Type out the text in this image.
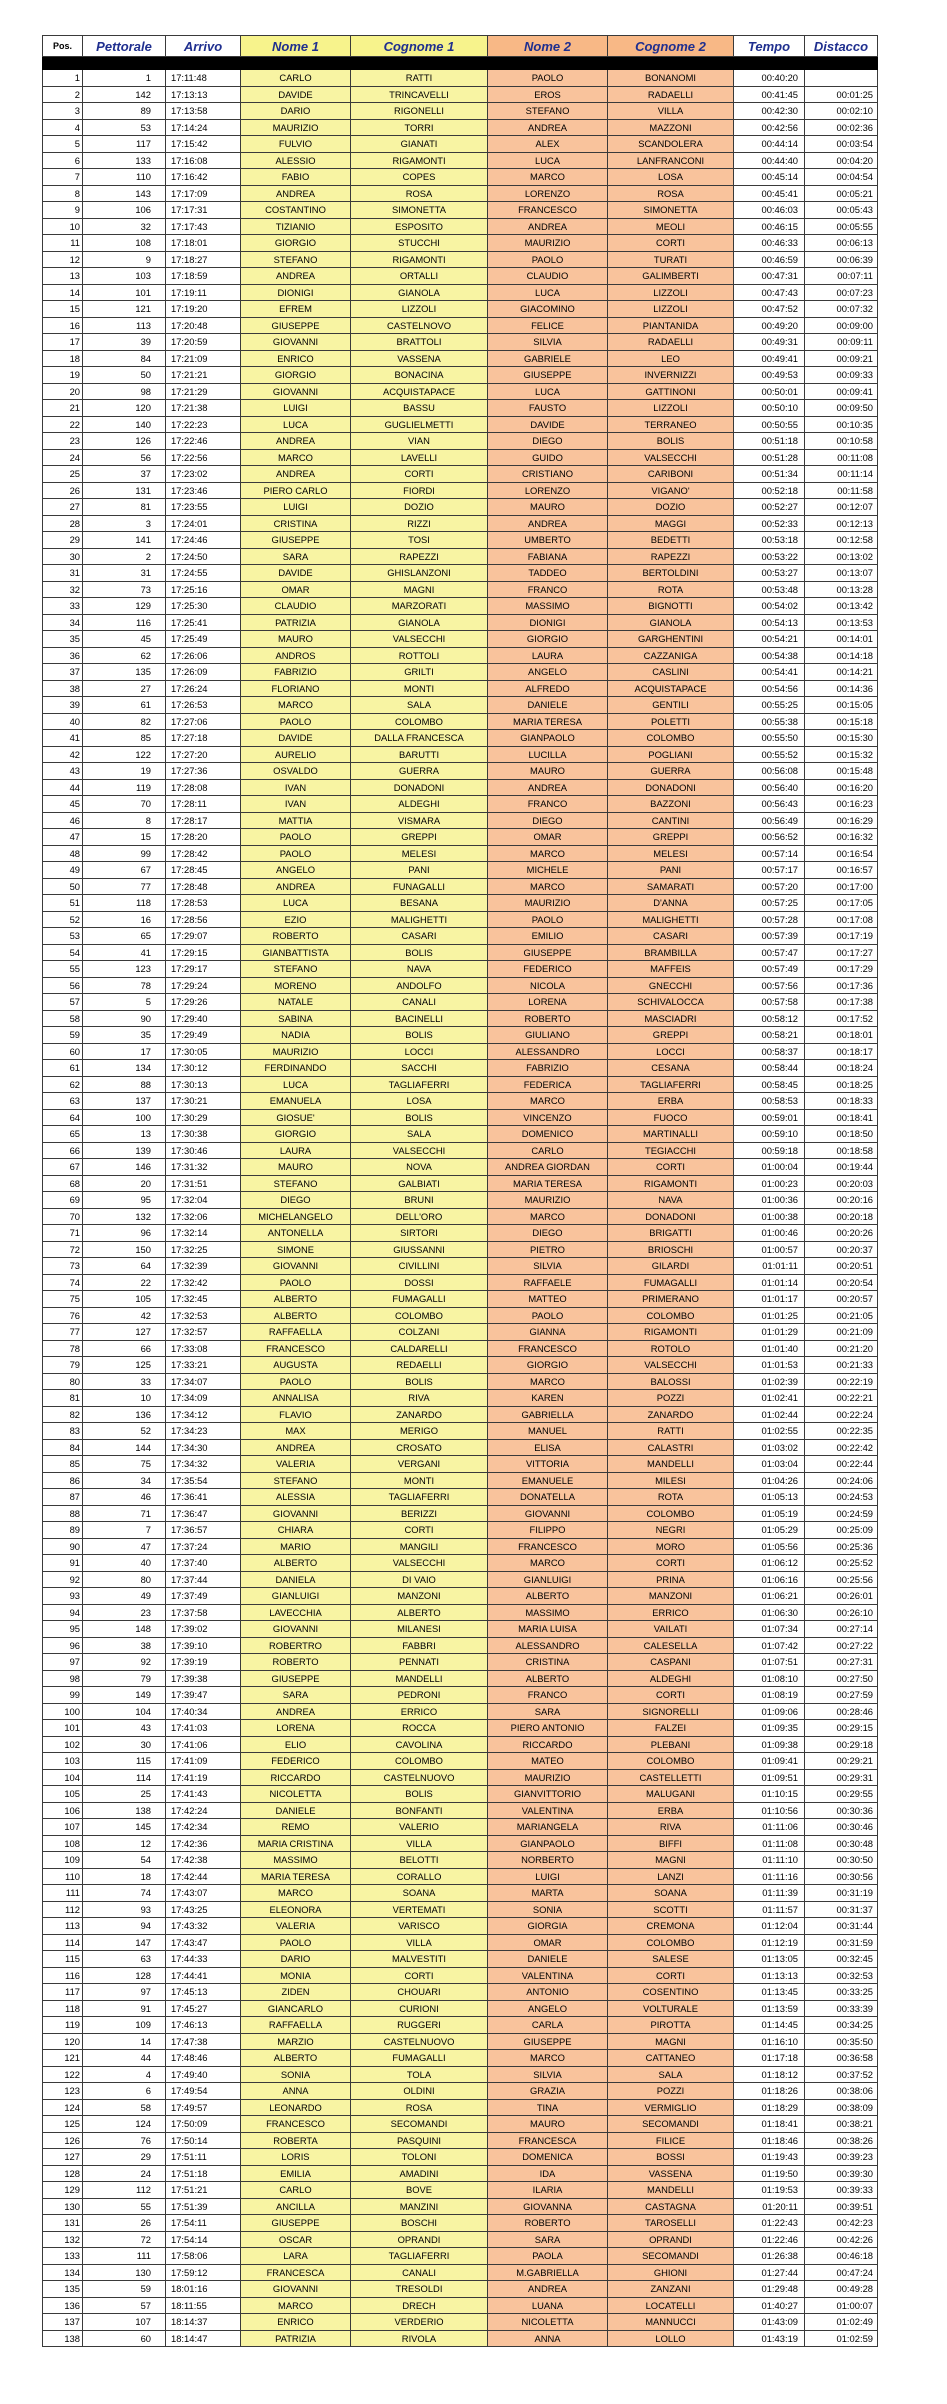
Pos.	Pettorale	Arrivo	Nome 1	Cognome 1	Nome 2	Cognome 2	Tempo	Distacco

1	1	17:11:48	CARLO	RATTI	PAOLO	BONANOMI	00:40:20	
2	142	17:13:13	DAVIDE	TRINCAVELLI	EROS	RADAELLI	00:41:45	00:01:25
3	89	17:13:58	DARIO	RIGONELLI	STEFANO	VILLA	00:42:30	00:02:10
4	53	17:14:24	MAURIZIO	TORRI	ANDREA	MAZZONI	00:42:56	00:02:36
5	117	17:15:42	FULVIO	GIANATI	ALEX	SCANDOLERA	00:44:14	00:03:54
6	133	17:16:08	ALESSIO	RIGAMONTI	LUCA	LANFRANCONI	00:44:40	00:04:20
7	110	17:16:42	FABIO	COPES	MARCO	LOSA	00:45:14	00:04:54
8	143	17:17:09	ANDREA	ROSA	LORENZO	ROSA	00:45:41	00:05:21
9	106	17:17:31	COSTANTINO	SIMONETTA	FRANCESCO	SIMONETTA	00:46:03	00:05:43
10	32	17:17:43	TIZIANIO	ESPOSITO	ANDREA	MEOLI	00:46:15	00:05:55
11	108	17:18:01	GIORGIO	STUCCHI	MAURIZIO	CORTI	00:46:33	00:06:13
12	9	17:18:27	STEFANO	RIGAMONTI	PAOLO	TURATI	00:46:59	00:06:39
13	103	17:18:59	ANDREA	ORTALLI	CLAUDIO	GALIMBERTI	00:47:31	00:07:11
14	101	17:19:11	DIONIGI	GIANOLA	LUCA	LIZZOLI	00:47:43	00:07:23
15	121	17:19:20	EFREM	LIZZOLI	GIACOMINO	LIZZOLI	00:47:52	00:07:32
16	113	17:20:48	GIUSEPPE	CASTELNOVO	FELICE	PIANTANIDA	00:49:20	00:09:00
17	39	17:20:59	GIOVANNI	BRATTOLI	SILVIA	RADAELLI	00:49:31	00:09:11
18	84	17:21:09	ENRICO	VASSENA	GABRIELE	LEO	00:49:41	00:09:21
19	50	17:21:21	GIORGIO	BONACINA	GIUSEPPE	INVERNIZZI	00:49:53	00:09:33
20	98	17:21:29	GIOVANNI	ACQUISTAPACE	LUCA	GATTINONI	00:50:01	00:09:41
21	120	17:21:38	LUIGI	BASSU	FAUSTO	LIZZOLI	00:50:10	00:09:50
22	140	17:22:23	LUCA	GUGLIELMETTI	DAVIDE	TERRANEO	00:50:55	00:10:35
23	126	17:22:46	ANDREA	VIAN	DIEGO	BOLIS	00:51:18	00:10:58
24	56	17:22:56	MARCO	LAVELLI	GUIDO	VALSECCHI	00:51:28	00:11:08
25	37	17:23:02	ANDREA	CORTI	CRISTIANO	CARIBONI	00:51:34	00:11:14
26	131	17:23:46	PIERO CARLO	FIORDI	LORENZO	VIGANO'	00:52:18	00:11:58
27	81	17:23:55	LUIGI	DOZIO	MAURO	DOZIO	00:52:27	00:12:07
28	3	17:24:01	CRISTINA	RIZZI	ANDREA	MAGGI	00:52:33	00:12:13
29	141	17:24:46	GIUSEPPE	TOSI	UMBERTO	BEDETTI	00:53:18	00:12:58
30	2	17:24:50	SARA	RAPEZZI	FABIANA	RAPEZZI	00:53:22	00:13:02
31	31	17:24:55	DAVIDE	GHISLANZONI	TADDEO	BERTOLDINI	00:53:27	00:13:07
32	73	17:25:16	OMAR	MAGNI	FRANCO	ROTA	00:53:48	00:13:28
33	129	17:25:30	CLAUDIO	MARZORATI	MASSIMO	BIGNOTTI	00:54:02	00:13:42
34	116	17:25:41	PATRIZIA	GIANOLA	DIONIGI	GIANOLA	00:54:13	00:13:53
35	45	17:25:49	MAURO	VALSECCHI	GIORGIO	GARGHENTINI	00:54:21	00:14:01
36	62	17:26:06	ANDROS	ROTTOLI	LAURA	CAZZANIGA	00:54:38	00:14:18
37	135	17:26:09	FABRIZIO	GRILTI	ANGELO	CASLINI	00:54:41	00:14:21
38	27	17:26:24	FLORIANO	MONTI	ALFREDO	ACQUISTAPACE	00:54:56	00:14:36
39	61	17:26:53	MARCO	SALA	DANIELE	GENTILI	00:55:25	00:15:05
40	82	17:27:06	PAOLO	COLOMBO	MARIA TERESA	POLETTI	00:55:38	00:15:18
41	85	17:27:18	DAVIDE	DALLA FRANCESCA	GIANPAOLO	COLOMBO	00:55:50	00:15:30
42	122	17:27:20	AURELIO	BARUTTI	LUCILLA	POGLIANI	00:55:52	00:15:32
43	19	17:27:36	OSVALDO	GUERRA	MAURO	GUERRA	00:56:08	00:15:48
44	119	17:28:08	IVAN	DONADONI	ANDREA	DONADONI	00:56:40	00:16:20
45	70	17:28:11	IVAN	ALDEGHI	FRANCO	BAZZONI	00:56:43	00:16:23
46	8	17:28:17	MATTIA	VISMARA	DIEGO	CANTINI	00:56:49	00:16:29
47	15	17:28:20	PAOLO	GREPPI	OMAR	GREPPI	00:56:52	00:16:32
48	99	17:28:42	PAOLO	MELESI	MARCO	MELESI	00:57:14	00:16:54
49	67	17:28:45	ANGELO	PANI	MICHELE	PANI	00:57:17	00:16:57
50	77	17:28:48	ANDREA	FUNAGALLI	MARCO	SAMARATI	00:57:20	00:17:00
51	118	17:28:53	LUCA	BESANA	MAURIZIO	D'ANNA	00:57:25	00:17:05
52	16	17:28:56	EZIO	MALIGHETTI	PAOLO	MALIGHETTI	00:57:28	00:17:08
53	65	17:29:07	ROBERTO	CASARI	EMILIO	CASARI	00:57:39	00:17:19
54	41	17:29:15	GIANBATTISTA	BOLIS	GIUSEPPE	BRAMBILLA	00:57:47	00:17:27
55	123	17:29:17	STEFANO	NAVA	FEDERICO	MAFFEIS	00:57:49	00:17:29
56	78	17:29:24	MORENO	ANDOLFO	NICOLA	GNECCHI	00:57:56	00:17:36
57	5	17:29:26	NATALE	CANALI	LORENA	SCHIVALOCCA	00:57:58	00:17:38
58	90	17:29:40	SABINA	BACINELLI	ROBERTO	MASCIADRI	00:58:12	00:17:52
59	35	17:29:49	NADIA	BOLIS	GIULIANO	GREPPI	00:58:21	00:18:01
60	17	17:30:05	MAURIZIO	LOCCI	ALESSANDRO	LOCCI	00:58:37	00:18:17
61	134	17:30:12	FERDINANDO	SACCHI	FABRIZIO	CESANA	00:58:44	00:18:24
62	88	17:30:13	LUCA	TAGLIAFERRI	FEDERICA	TAGLIAFERRI	00:58:45	00:18:25
63	137	17:30:21	EMANUELA	LOSA	MARCO	ERBA	00:58:53	00:18:33
64	100	17:30:29	GIOSUE'	BOLIS	VINCENZO	FUOCO	00:59:01	00:18:41
65	13	17:30:38	GIORGIO	SALA	DOMENICO	MARTINALLI	00:59:10	00:18:50
66	139	17:30:46	LAURA	VALSECCHI	CARLO	TEGIACCHI	00:59:18	00:18:58
67	146	17:31:32	MAURO	NOVA	ANDREA GIORDAN	CORTI	01:00:04	00:19:44
68	20	17:31:51	STEFANO	GALBIATI	MARIA TERESA	RIGAMONTI	01:00:23	00:20:03
69	95	17:32:04	DIEGO	BRUNI	MAURIZIO	NAVA	01:00:36	00:20:16
70	132	17:32:06	MICHELANGELO	DELL'ORO	MARCO	DONADONI	01:00:38	00:20:18
71	96	17:32:14	ANTONELLA	SIRTORI	DIEGO	BRIGATTI	01:00:46	00:20:26
72	150	17:32:25	SIMONE	GIUSSANNI	PIETRO	BRIOSCHI	01:00:57	00:20:37
73	64	17:32:39	GIOVANNI	CIVILLINI	SILVIA	GILARDI	01:01:11	00:20:51
74	22	17:32:42	PAOLO	DOSSI	RAFFAELE	FUMAGALLI	01:01:14	00:20:54
75	105	17:32:45	ALBERTO	FUMAGALLI	MATTEO	PRIMERANO	01:01:17	00:20:57
76	42	17:32:53	ALBERTO	COLOMBO	PAOLO	COLOMBO	01:01:25	00:21:05
77	127	17:32:57	RAFFAELLA	COLZANI	GIANNA	RIGAMONTI	01:01:29	00:21:09
78	66	17:33:08	FRANCESCO	CALDARELLI	FRANCESCO	ROTOLO	01:01:40	00:21:20
79	125	17:33:21	AUGUSTA	REDAELLI	GIORGIO	VALSECCHI	01:01:53	00:21:33
80	33	17:34:07	PAOLO	BOLIS	MARCO	BALOSSI	01:02:39	00:22:19
81	10	17:34:09	ANNALISA	RIVA	KAREN	POZZI	01:02:41	00:22:21
82	136	17:34:12	FLAVIO	ZANARDO	GABRIELLA	ZANARDO	01:02:44	00:22:24
83	52	17:34:23	MAX	MERIGO	MANUEL	RATTI	01:02:55	00:22:35
84	144	17:34:30	ANDREA	CROSATO	ELISA	CALASTRI	01:03:02	00:22:42
85	75	17:34:32	VALERIA	VERGANI	VITTORIA	MANDELLI	01:03:04	00:22:44
86	34	17:35:54	STEFANO	MONTI	EMANUELE	MILESI	01:04:26	00:24:06
87	46	17:36:41	ALESSIA	TAGLIAFERRI	DONATELLA	ROTA	01:05:13	00:24:53
88	71	17:36:47	GIOVANNI	BERIZZI	GIOVANNI	COLOMBO	01:05:19	00:24:59
89	7	17:36:57	CHIARA	CORTI	FILIPPO	NEGRI	01:05:29	00:25:09
90	47	17:37:24	MARIO	MANGILI	FRANCESCO	MORO	01:05:56	00:25:36
91	40	17:37:40	ALBERTO	VALSECCHI	MARCO	CORTI	01:06:12	00:25:52
92	80	17:37:44	DANIELA	DI VAIO	GIANLUIGI	PRINA	01:06:16	00:25:56
93	49	17:37:49	GIANLUIGI	MANZONI	ALBERTO	MANZONI	01:06:21	00:26:01
94	23	17:37:58	LAVECCHIA	ALBERTO	MASSIMO	ERRICO	01:06:30	00:26:10
95	148	17:39:02	GIOVANNI	MILANESI	MARIA LUISA	VAILATI	01:07:34	00:27:14
96	38	17:39:10	ROBERTRO	FABBRI	ALESSANDRO	CALESELLA	01:07:42	00:27:22
97	92	17:39:19	ROBERTO	PENNATI	CRISTINA	CASPANI	01:07:51	00:27:31
98	79	17:39:38	GIUSEPPE	MANDELLI	ALBERTO	ALDEGHI	01:08:10	00:27:50
99	149	17:39:47	SARA	PEDRONI	FRANCO	CORTI	01:08:19	00:27:59
100	104	17:40:34	ANDREA	ERRICO	SARA	SIGNORELLI	01:09:06	00:28:46
101	43	17:41:03	LORENA	ROCCA	PIERO ANTONIO	FALZEI	01:09:35	00:29:15
102	30	17:41:06	ELIO	CAVOLINA	RICCARDO	PLEBANI	01:09:38	00:29:18
103	115	17:41:09	FEDERICO	COLOMBO	MATEO	COLOMBO	01:09:41	00:29:21
104	114	17:41:19	RICCARDO	CASTELNUOVO	MAURIZIO	CASTELLETTI	01:09:51	00:29:31
105	25	17:41:43	NICOLETTA	BOLIS	GIANVITTORIO	MALUGANI	01:10:15	00:29:55
106	138	17:42:24	DANIELE	BONFANTI	VALENTINA	ERBA	01:10:56	00:30:36
107	145	17:42:34	REMO	VALERIO	MARIANGELA	RIVA	01:11:06	00:30:46
108	12	17:42:36	MARIA CRISTINA	VILLA	GIANPAOLO	BIFFI	01:11:08	00:30:48
109	54	17:42:38	MASSIMO	BELOTTI	NORBERTO	MAGNI	01:11:10	00:30:50
110	18	17:42:44	MARIA TERESA	CORALLO	LUIGI	LANZI	01:11:16	00:30:56
111	74	17:43:07	MARCO	SOANA	MARTA	SOANA	01:11:39	00:31:19
112	93	17:43:25	ELEONORA	VERTEMATI	SONIA	SCOTTI	01:11:57	00:31:37
113	94	17:43:32	VALERIA	VARISCO	GIORGIA	CREMONA	01:12:04	00:31:44
114	147	17:43:47	PAOLO	VILLA	OMAR	COLOMBO	01:12:19	00:31:59
115	63	17:44:33	DARIO	MALVESTITI	DANIELE	SALESE	01:13:05	00:32:45
116	128	17:44:41	MONIA	CORTI	VALENTINA	CORTI	01:13:13	00:32:53
117	97	17:45:13	ZIDEN	CHOUARI	ANTONIO	COSENTINO	01:13:45	00:33:25
118	91	17:45:27	GIANCARLO	CURIONI	ANGELO	VOLTURALE	01:13:59	00:33:39
119	109	17:46:13	RAFFAELLA	RUGGERI	CARLA	PIROTTA	01:14:45	00:34:25
120	14	17:47:38	MARZIO	CASTELNUOVO	GIUSEPPE	MAGNI	01:16:10	00:35:50
121	44	17:48:46	ALBERTO	FUMAGALLI	MARCO	CATTANEO	01:17:18	00:36:58
122	4	17:49:40	SONIA	TOLA	SILVIA	SALA	01:18:12	00:37:52
123	6	17:49:54	ANNA	OLDINI	GRAZIA	POZZI	01:18:26	00:38:06
124	58	17:49:57	LEONARDO	ROSA	TINA	VERMIGLIO	01:18:29	00:38:09
125	124	17:50:09	FRANCESCO	SECOMANDI	MAURO	SECOMANDI	01:18:41	00:38:21
126	76	17:50:14	ROBERTA	PASQUINI	FRANCESCA	FILICE	01:18:46	00:38:26
127	29	17:51:11	LORIS	TOLONI	DOMENICA	BOSSI	01:19:43	00:39:23
128	24	17:51:18	EMILIA	AMADINI	IDA	VASSENA	01:19:50	00:39:30
129	112	17:51:21	CARLO	BOVE	ILARIA	MANDELLI	01:19:53	00:39:33
130	55	17:51:39	ANCILLA	MANZINI	GIOVANNA	CASTAGNA	01:20:11	00:39:51
131	26	17:54:11	GIUSEPPE	BOSCHI	ROBERTO	TAROSELLI	01:22:43	00:42:23
132	72	17:54:14	OSCAR	OPRANDI	SARA	OPRANDI	01:22:46	00:42:26
133	111	17:58:06	LARA	TAGLIAFERRI	PAOLA	SECOMANDI	01:26:38	00:46:18
134	130	17:59:12	FRANCESCA	CANALI	M.GABRIELLA	GHIONI	01:27:44	00:47:24
135	59	18:01:16	GIOVANNI	TRESOLDI	ANDREA	ZANZANI	01:29:48	00:49:28
136	57	18:11:55	MARCO	DRECH	LUANA	LOCATELLI	01:40:27	01:00:07
137	107	18:14:37	ENRICO	VERDERIO	NICOLETTA	MANNUCCI	01:43:09	01:02:49
138	60	18:14:47	PATRIZIA	RIVOLA	ANNA	LOLLO	01:43:19	01:02:59
